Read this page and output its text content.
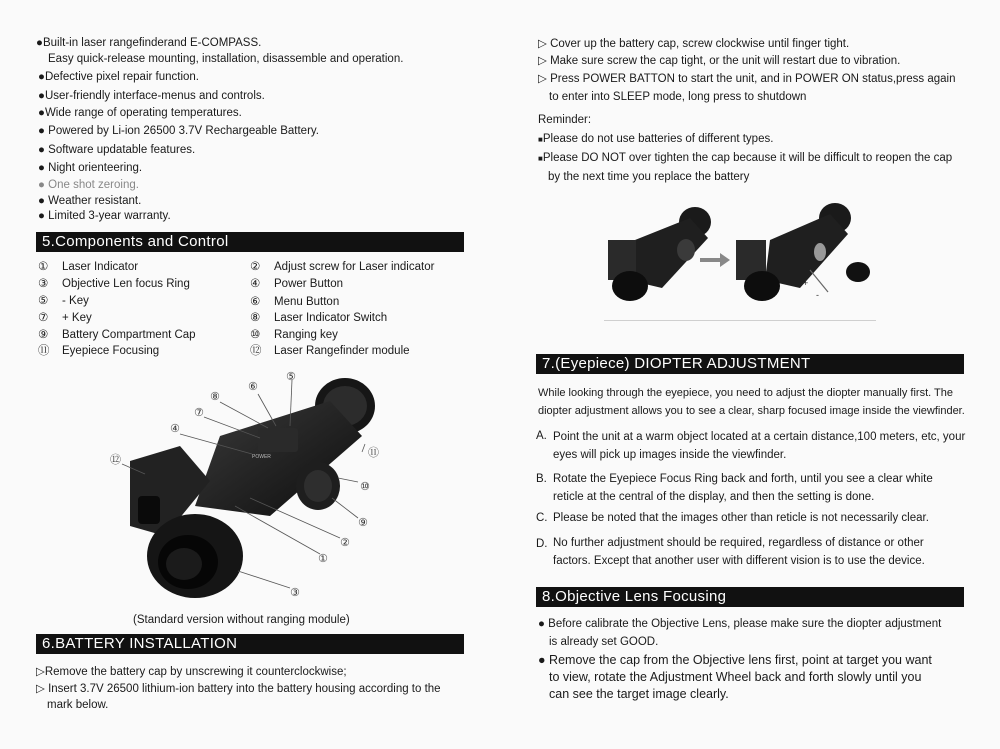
●Built-in laser rangefinderand E-COMPASS.
Easy quick-release mounting, installation, disassemble and operation.
●Defective pixel repair function.
●User-friendly interface-menus and controls.
●Wide range of operating temperatures.
● Powered by Li-ion 26500 3.7V Rechargeable Battery.
● Software updatable features.
● Night orienteering.
● One shot zeroing.
● Weather resistant.
● Limited 3-year warranty.
5.Components and Control
① Laser Indicator	② Adjust screw for Laser indicator
③ Objective Len focus Ring	④ Power Button
⑤ - Key	⑥ Menu Button
⑦ + Key	⑧ Laser Indicator Switch
⑨ Battery Compartment Cap	⑩ Ranging key
⑪ Eyepiece Focusing	⑫ Laser Rangefinder module
POWER
⑧
⑥
⑤
⑦
④
⑫
⑪
⑩
⑨
②
①
③
(Standard version without ranging module)
6.BATTERY INSTALLATION
▷Remove the battery cap by unscrewing it counterclockwise;
▷ Insert 3.7V 26500 lithium-ion battery into the battery housing according to the
mark below.
▷ Cover up the battery cap, screw clockwise until finger tight.
▷ Make sure screw the cap tight, or the unit will restart due to vibration.
▷ Press POWER BATTON to start the unit, and in POWER ON status,press again
to enter into SLEEP mode, long press to shutdown
Reminder:
■Please do not use batteries of different types.
■Please DO NOT over tighten the cap because it will be difficult to reopen the cap
by the next time you replace the battery
+
-
7.(Eyepiece) DIOPTER ADJUSTMENT
While looking through the eyepiece, you need to adjust the diopter manually first. The
diopter adjustment allows you to see a clear, sharp focused image inside the viewfinder.
A. Point the unit at a warm object located at a certain distance,100 meters, etc, your
eyes will pick up images inside the viewfinder.
B. Rotate the Eyepiece Focus Ring back and forth, until you see a clear white
reticle at the central of the display, and then the setting is done.
C. Please be noted that the images other than reticle is not necessarily clear.
D. No further adjustment should be required, regardless of distance or other
factors. Except that another user with different vision is to use the device.
8.Objective Lens Focusing
● Before calibrate the Objective Lens, please make sure the diopter adjustment
is already set GOOD.
● Remove the cap from the Objective lens first, point at target you want
to view, rotate the Adjustment Wheel back and forth slowly until you
can see the target image clearly.
